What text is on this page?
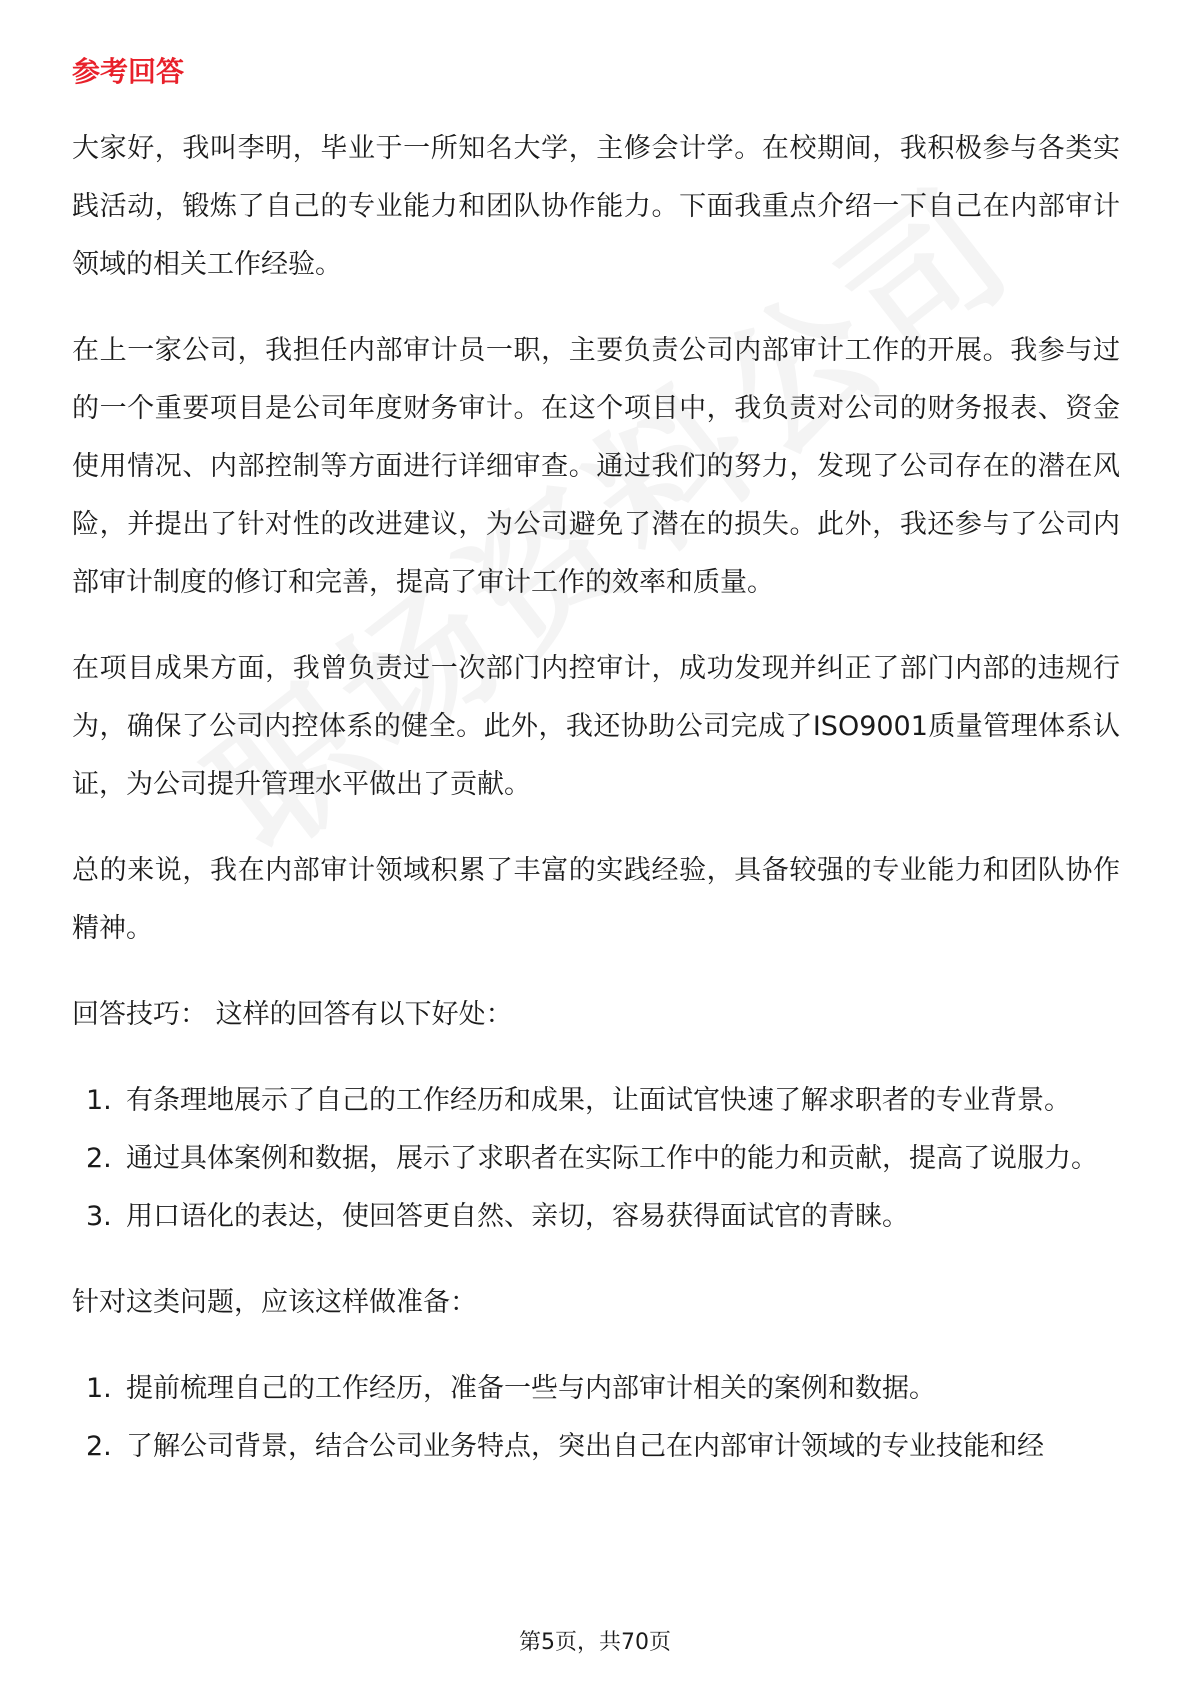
参考回答

大家好，我叫李明，毕业于一所知名大学，主修会计学。在校期间，我积极参与各类实践活动，锻炼了自己的专业能力和团队协作能力。下面我重点介绍一下自己在内部审计领域的相关工作经验。

在上一家公司，我担任内部审计员一职，主要负责公司内部审计工作的开展。我参与过的一个重要项目是公司年度财务审计。在这个项目中，我负责对公司的财务报表、资金使用情况、内部控制等方面进行详细审查。通过我们的努力，发现了公司存在的潜在风险，并提出了针对性的改进建议，为公司避免了潜在的损失。此外，我还参与了公司内部审计制度的修订和完善，提高了审计工作的效率和质量。

在项目成果方面，我曾负责过一次部门内控审计，成功发现并纠正了部门内部的违规行为，确保了公司内控体系的健全。此外，我还协助公司完成了ISO9001质量管理体系认证，为公司提升管理水平做出了贡献。

总的来说，我在内部审计领域积累了丰富的实践经验，具备较强的专业能力和团队协作精神。

回答技巧： 这样的回答有以下好处：

1. 有条理地展示了自己的工作经历和成果，让面试官快速了解求职者的专业背景。
2. 通过具体案例和数据，展示了求职者在实际工作中的能力和贡献，提高了说服力。
3. 用口语化的表达，使回答更自然、亲切，容易获得面试官的青睐。

针对这类问题，应该这样做准备：

1. 提前梳理自己的工作经历，准备一些与内部审计相关的案例和数据。
2. 了解公司背景，结合公司业务特点，突出自己在内部审计领域的专业技能和经
第5页，共70页
